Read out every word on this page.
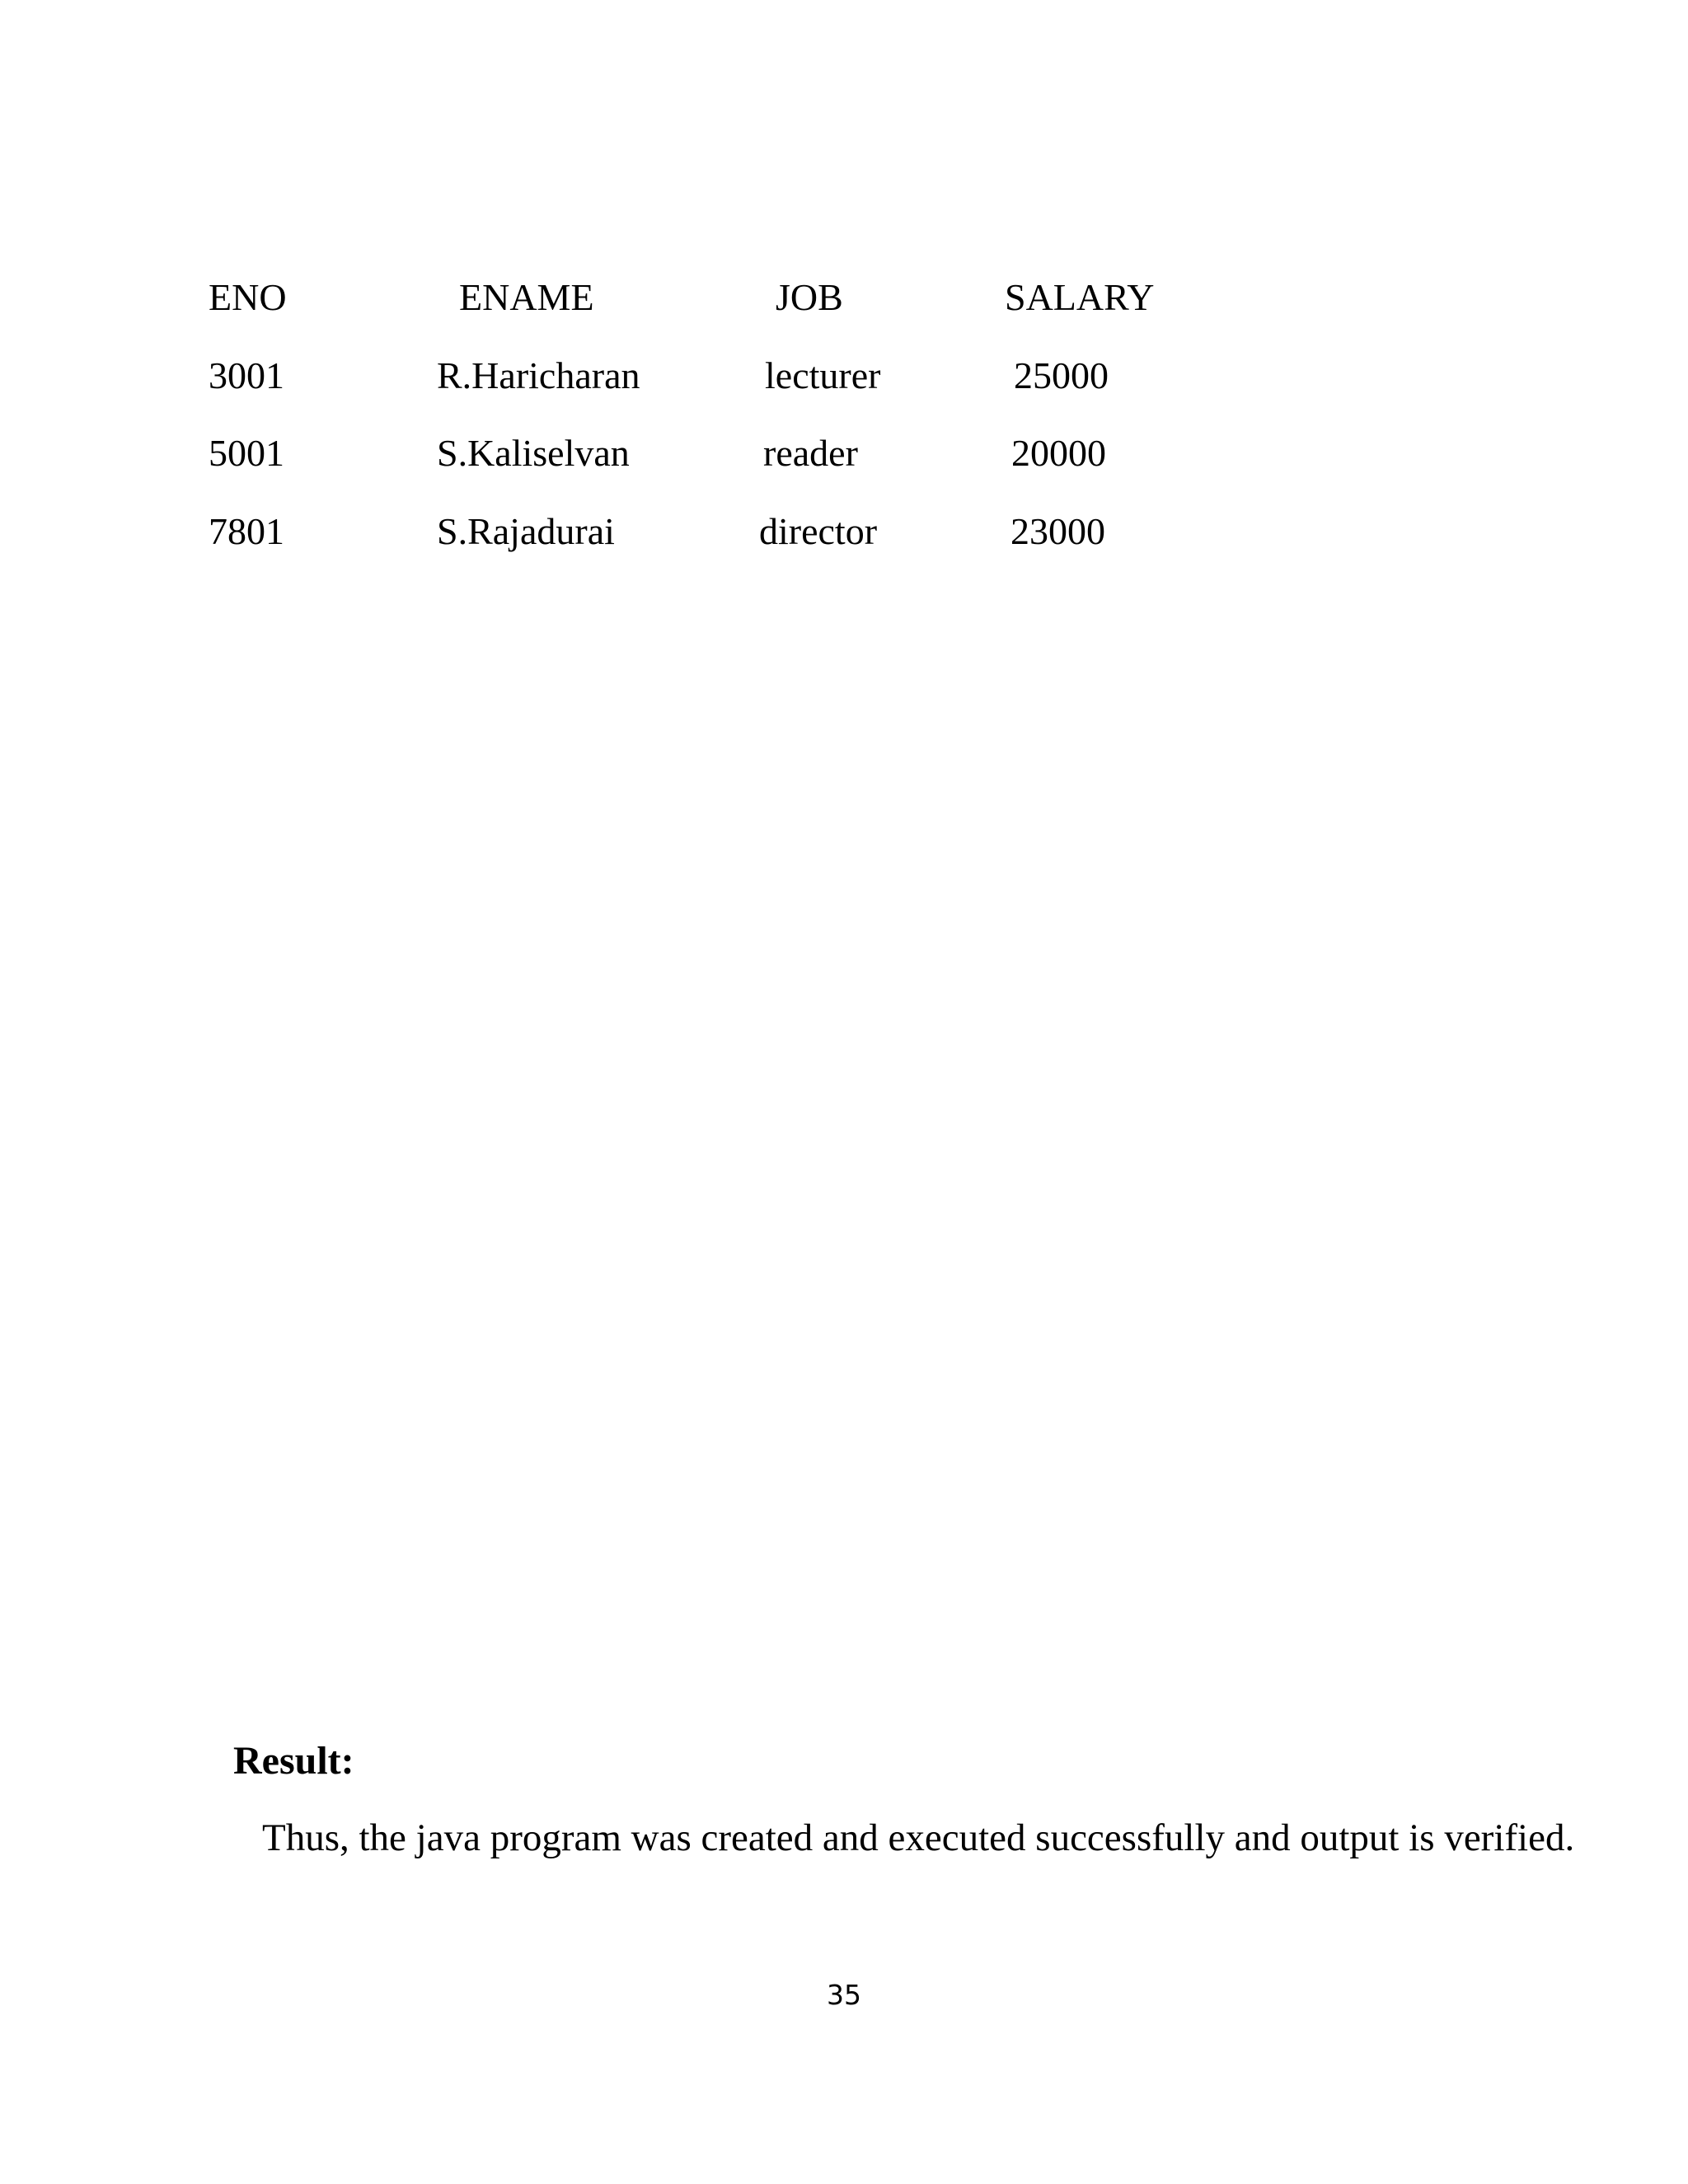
ENO	ENAME	JOB	SALARY
3001	R.Haricharan	lecturer	25000
5001	S.Kaliselvan	reader	20000
7801	S.Rajadurai	director	23000
Result:
Thus, the java program was created and executed successfully and output is verified.
35
